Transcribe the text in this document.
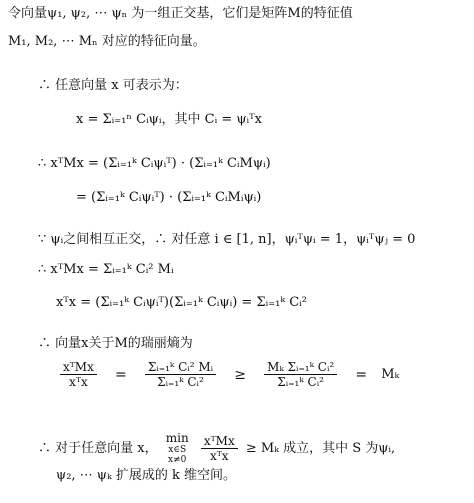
令向量ψ₁, ψ₂, ⋯ ψₙ 为一组正交基，它们是矩阵M的特征值
M₁, M₂, ⋯ Mₙ 对应的特征向量。
∴ 任意向量 x 可表示为：
x = Σᵢ₌₁ⁿ Cᵢψᵢ，其中 Cᵢ = ψᵢᵀx
∴ xᵀMx = (Σᵢ₌₁ᵏ Cᵢψᵢᵀ) · (Σᵢ₌₁ᵏ CᵢMψᵢ)
= (Σᵢ₌₁ᵏ Cᵢψᵢᵀ) · (Σᵢ₌₁ᵏ CᵢMᵢψᵢ)
∵ ψᵢ之间相互正交，∴ 对任意 i ∈ [1, n]，ψᵢᵀψᵢ = 1，ψᵢᵀψⱼ = 0
∴ xᵀMx = Σᵢ₌₁ᵏ Cᵢ² Mᵢ
xᵀx = (Σᵢ₌₁ᵏ Cᵢψᵢᵀ)(Σᵢ₌₁ᵏ Cᵢψᵢ) = Σᵢ₌₁ᵏ Cᵢ²
∴ 向量x关于M的瑞丽熵为
$\frac{\text{xᵀMx}}{\text{xᵀx}} = \frac{\text{Σᵢ₌₁ᵏ Cᵢ² Mᵢ}}{\text{Σᵢ₌₁ᵏ Cᵢ²}} \ge \frac{\text{Mₖ Σᵢ₌₁ᵏ Cᵢ²}}{\text{Σᵢ₌₁ᵏ Cᵢ²}} = M_k$
∴ 对于任意向量 x，
min
x∈S
x≠0
$\frac{\text{xᵀMx}}{\text{xᵀx}} \ge M_k$ 成立，其中 S 为ψᵢ,
ψ₂, ⋯ ψₖ 扩展成的 k 维空间。
